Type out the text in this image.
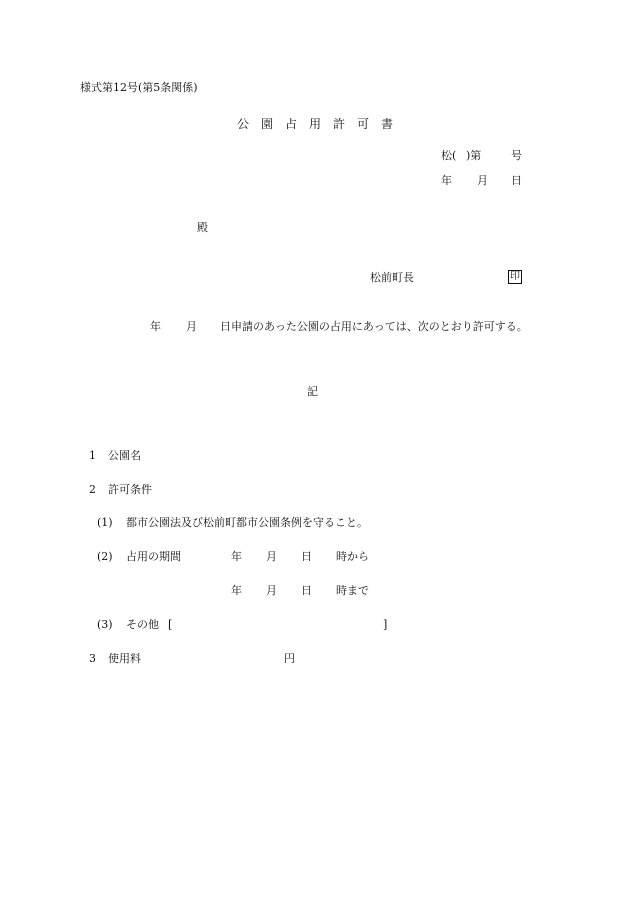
様式第12号(第5条関係)
公園占用許可書
松( )第	号
年 月 日
殿
松前町長	印
年 月 日申請のあった公園の占用にあっては、次のとおり許可する。
記
1 公園名
2 許可条件
(1) 都市公園法及び松前町都市公園条例を守ること。
(2) 占用の期間	年 月 日 時から
年 月 日 時まで
(3) その他 [	]
3 使用料	円
